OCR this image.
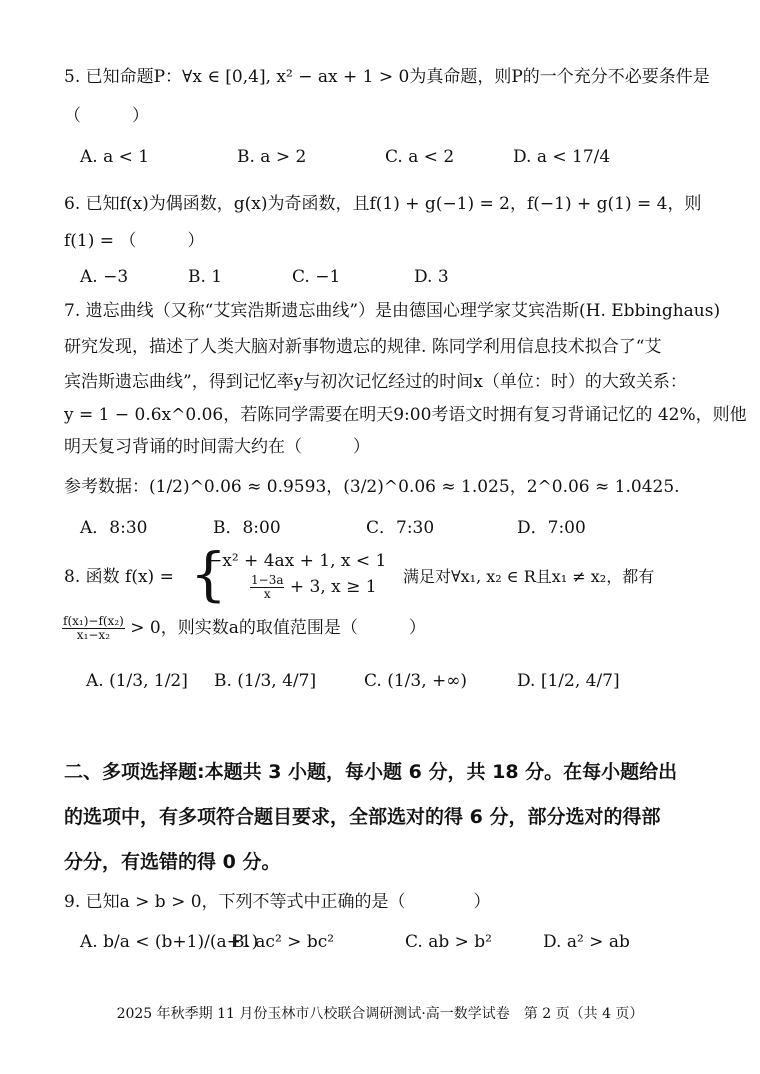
5. 已知命题P：∀x ∈ [0,4], x² − ax + 1 > 0为真命题，则P的一个充分不必要条件是
（　　　）
A. a < 1	B. a > 2	C. a < 2	D. a < 17/4
6. 已知f(x)为偶函数，g(x)为奇函数，且f(1) + g(−1) = 2，f(−1) + g(1) = 4，则
f(1) = （　　　）
A. −3	B. 1	C. −1	D. 3
7. 遗忘曲线（又称“艾宾浩斯遗忘曲线”）是由德国心理学家艾宾浩斯(H. Ebbinghaus)
研究发现，描述了人类大脑对新事物遗忘的规律. 陈同学利用信息技术拟合了“艾
宾浩斯遗忘曲线”，得到记忆率y与初次记忆经过的时间x（单位：时）的大致关系：
y = 1 − 0.6x^0.06，若陈同学需要在明天9:00考语文时拥有复习背诵记忆的 42%，则他
明天复习背诵的时间需大约在（　　　）
参考数据：(1/2)^0.06 ≈ 0.9593，(3/2)^0.06 ≈ 1.025，2^0.06 ≈ 1.0425.
A．8:30	B．8:00	C．7:30	D．7:00
8. 函数 f(x) = {
−x² + 4ax + 1, x < 1
$\frac{1-3a}{x} + 3$, x ≥ 1
满足对∀x₁, x₂ ∈ R且x₁ ≠ x₂，都有
$\frac{\text{f(x₁)−f(x₂)}}{\text{x₁−x₂}} > 0$，则实数a的取值范围是（　　　）
A. (1/3, 1/2] B. (1/3, 4/7]	C. (1/3, +∞)	D. [1/2, 4/7]
二、多项选择题:本题共 3 小题，每小题 6 分，共 18 分。在每小题给出
的选项中，有多项符合题目要求，全部选对的得 6 分，部分选对的得部
分分，有选错的得 0 分。
9. 已知a > b > 0，下列不等式中正确的是（　　　　）
A. b/a < (b+1)/(a+1)
B. ac² > bc²	C. ab > b²	D. a² > ab
2025 年秋季期 11 月份玉林市八校联合调研测试·高一数学试卷　第 2 页（共 4 页）
